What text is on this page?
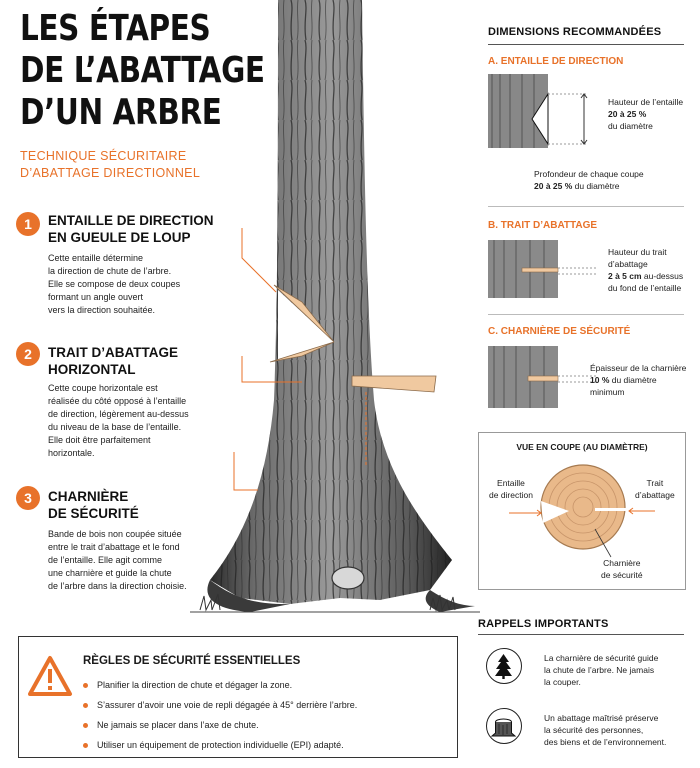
LES ÉTAPES
DE L’ABATTAGE
D’UN ARBRE
TECHNIQUE SÉCURITAIRE
D’ABATTAGE DIRECTIONNEL
1	ENTAILLE DE DIRECTION
EN GUEULE DE LOUP
Cette entaille détermine
la direction de chute de l’arbre.
Elle se compose de deux coupes
formant un angle ouvert
vers la direction souhaitée.
2	TRAIT D’ABATTAGE
HORIZONTAL
Cette coupe horizontale est
réalisée du côté opposé à l’entaille
de direction, légèrement au-dessus
du niveau de la base de l’entaille.
Elle doit être parfaitement
horizontale.
3	CHARNIÈRE
DE SÉCURITÉ
Bande de bois non coupée située
entre le trait d’abattage et le fond
de l’entaille. Elle agit comme
une charnière et guide la chute
de l’arbre dans la direction choisie.
DIMENSIONS RECOMMANDÉES
A. ENTAILLE DE DIRECTION
Hauteur de l’entaille
20 à 25 %
du diamètre
Profondeur de chaque coupe
20 à 25 % du diamètre
B. TRAIT D’ABATTAGE
Hauteur du trait
d’abattage
2 à 5 cm au-dessus
du fond de l’entaille
C. CHARNIÈRE DE SÉCURITÉ
Épaisseur de la charnière
10 % du diamètre
minimum
VUE EN COUPE (AU DIAMÈTRE)
Entaille
de direction
Trait
d’abattage
Charnière
de sécurité
RÈGLES DE SÉCURITÉ ESSENTIELLES
Planifier la direction de chute et dégager la zone.
S’assurer d’avoir une voie de repli dégagée à 45° derrière l’arbre.
Ne jamais se placer dans l’axe de chute.
Utiliser un équipement de protection individuelle (EPI) adapté.
RAPPELS IMPORTANTS
La charnière de sécurité guide
la chute de l’arbre. Ne jamais
la couper.
Un abattage maîtrisé préserve
la sécurité des personnes,
des biens et de l’environnement.
